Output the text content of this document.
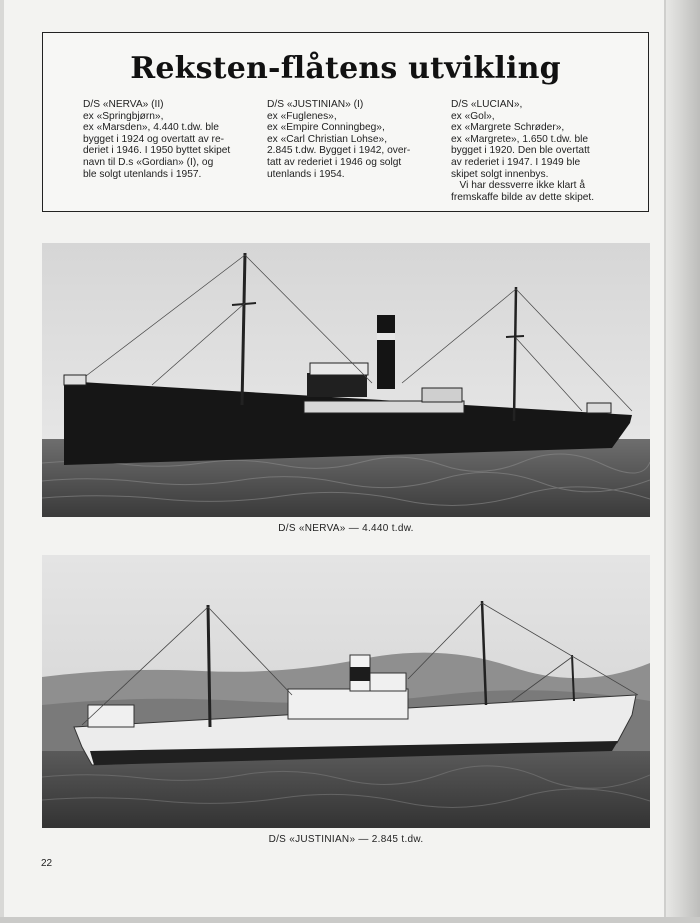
Reksten-flåtens utvikling
D/S «NERVA» (II)
ex «Springbjørn»,
ex «Marsden», 4.440 t.dw. ble
bygget i 1924 og overtatt av re-
deriet i 1946. I 1950 byttet skipet
navn til D.s «Gordian» (I), og
ble solgt utenlands i 1957.
D/S «JUSTINIAN» (I)
ex «Fuglenes»,
ex «Empire Conningbeg»,
ex «Carl Christian Lohse»,
2.845 t.dw. Bygget i 1942, over-
tatt av rederiet i 1946 og solgt
utenlands i 1954.
D/S «LUCIAN»,
ex «Gol»,
ex «Margrete Schrøder»,
ex «Margrete», 1.650 t.dw. ble
bygget i 1920. Den ble overtatt
av rederiet i 1947. I 1949 ble
skipet solgt innenbys.
Vi har dessverre ikke klart å
fremskaffe bilde av dette skipet.
D/S «NERVA» — 4.440 t.dw.
D/S «JUSTINIAN» — 2.845 t.dw.
22
